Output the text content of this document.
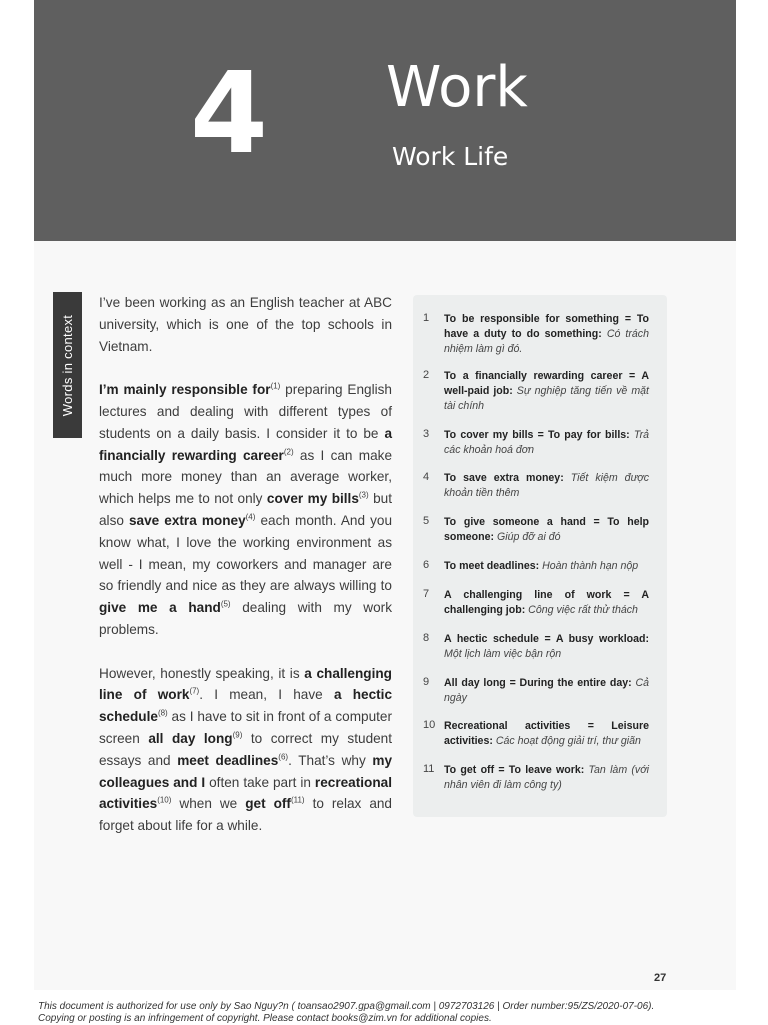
4 Work
Work Life
Words in context

I’ve been working as an English teacher at ABC university, which is one of the top schools in Vietnam.

I’m mainly responsible for$^{(1)}$ preparing English lectures and dealing with different types of students on a daily basis. I consider it to be a financially rewarding career$^{(2)}$ as I can make much more money than an average worker, which helps me to not only cover my bills$^{(3)}$ but also save extra money$^{(4)}$ each month. And you know what, I love the working environment as well - I mean, my coworkers and manager are so friendly and nice as they are always willing to give me a hand$^{(5)}$ dealing with my work problems.

However, honestly speaking, it is a challenging line of work$^{(7)}$. I mean, I have a hectic schedule$^{(8)}$ as I have to sit in front of a computer screen all day long$^{(9)}$ to correct my student essays and meet deadlines$^{(6)}$. That’s why my colleagues and I often take part in recreational activities$^{(10)}$ when we get off$^{(11)}$ to relax and forget about life for a while.

1	To be responsible for something = To have a duty to do something: Có trách nhiệm làm gì đó.
2	To a financially rewarding career = A well-paid job: Sự nghiệp tăng tiến về mặt tài chính
3	To cover my bills = To pay for bills: Trả các khoản hoá đơn
4	To save extra money: Tiết kiệm được khoản tiền thêm
5	To give someone a hand = To help someone: Giúp đỡ ai đó
6	To meet deadlines: Hoàn thành hạn nộp
7	A challenging line of work = A challenging job: Công việc rất thử thách
8	A hectic schedule = A busy workload: Một lịch làm việc bận rộn
9	All day long = During the entire day: Cả ngày
10 Recreational activities = Leisure activities: Các hoạt động giải trí, thư giãn
11 To get off = To leave work: Tan làm (với nhân viên đi làm công ty)
27
This document is authorized for use only by Sao Nguy?n ( toansao2907.gpa@gmail.com | 0972703126 | Order number:95/ZS/2020-07-06).
Copying or posting is an infringement of copyright. Please contact books@zim.vn for additional copies.
